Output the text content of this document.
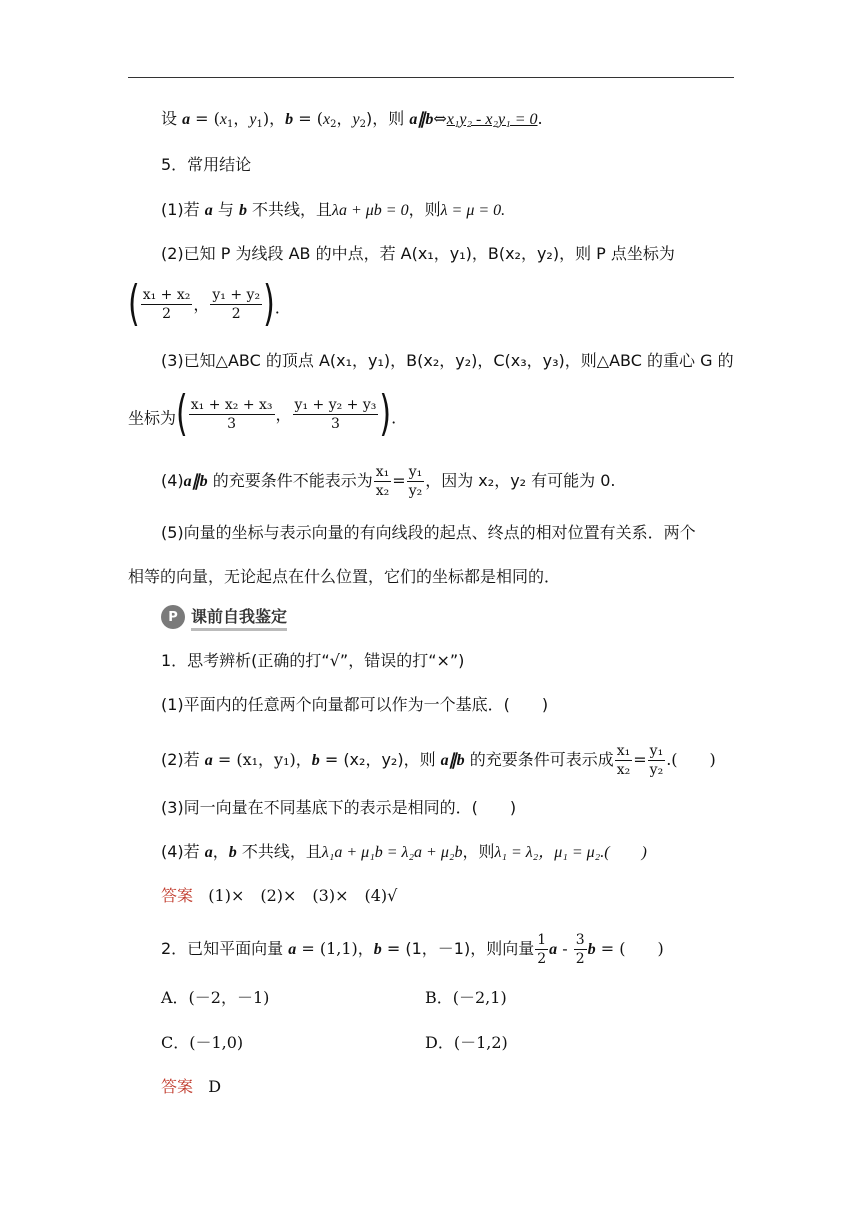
设 $a = (x_1$，$y_1$)，$b = (x_2$，$y_2$)，则 a∥b⇔x₁y₂ - x₂y₁ = 0.
5．常用结论
(1)若 a 与 b 不共线，且λa + μb = 0，则λ = μ = 0.
(2)已知 P 为线段 AB 的中点，若 A(x₁，y₁)，B(x₂，y₂)，则 P 点坐标为
( $\frac{\text{x₁ + x₂}}{2}$ ， $\frac{\text{y₁ + y₂}}{2}$ ) .
(3)已知△ABC 的顶点 A(x₁，y₁)，B(x₂，y₂)，C(x₃，y₃)，则△ABC 的重心 G 的
坐标为 ( $\frac{\text{x₁ + x₂ + x₃}}{3}$ ， $\frac{\text{y₁ + y₂ + y₃}}{3}$ ) .
(4)a∥b 的充要条件不能表示为 $\frac{\text{x₁}}{\text{x₂}} = \frac{\text{y₁}}{\text{y₂}}$ ，因为 x₂，y₂ 有可能为 0.
(5)向量的坐标与表示向量的有向线段的起点、终点的相对位置有关系．两个
相等的向量，无论起点在什么位置，它们的坐标都是相同的．
P 课前自我鉴定
1．思考辨析(正确的打“√”，错误的打“×”)
(1)平面内的任意两个向量都可以作为一个基底．(　　)
(2)若 a = (x₁，y₁)，b = (x₂，y₂)，则 a∥b 的充要条件可表示成 $\frac{\text{x₁}}{\text{x₂}} = \frac{\text{y₁}}{\text{y₂}}$ .(　　)
(3)同一向量在不同基底下的表示是相同的．(　　)
(4)若 a，b 不共线，且λ₁a + μ₁b = λ₂a + μ₂b，则λ₁ = λ₂，μ₁ = μ₂.(　　)
答案 (1)×　(2)×　(3)×　(4)√
2．已知平面向量 a = (1,1)，b = (1，－1)，则向量 $\frac{1}{2}$ a - $\frac{3}{2}$ b = (　　)
A．(－2，－1)	B．(－2,1)
C．(－1,0)	D．(－1,2)
答案 D
